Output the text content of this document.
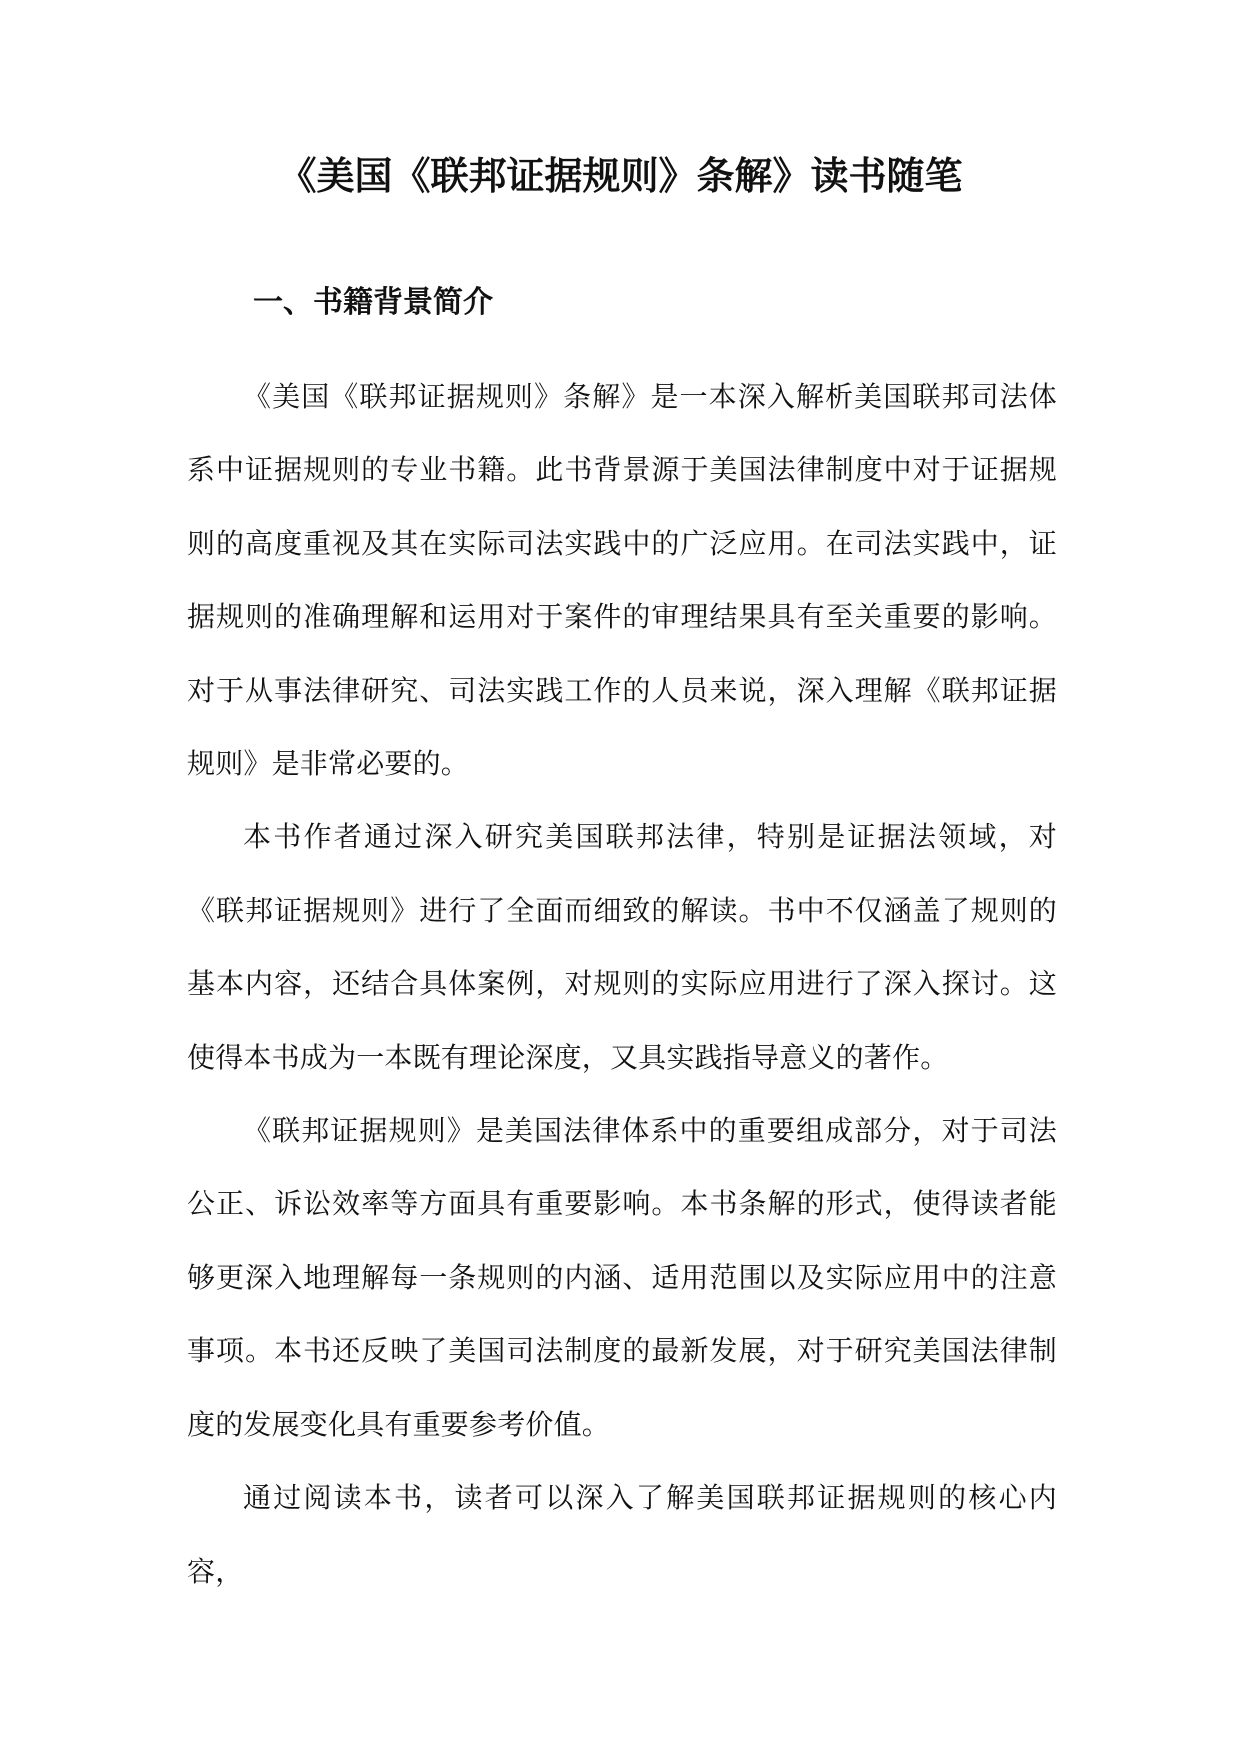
《美国《联邦证据规则》条解》读书随笔
一、书籍背景简介

《美国《联邦证据规则》条解》是一本深入解析美国联邦司法体系中证据规则的专业书籍。此书背景源于美国法律制度中对于证据规则的高度重视及其在实际司法实践中的广泛应用。在司法实践中，证据规则的准确理解和运用对于案件的审理结果具有至关重要的影响。对于从事法律研究、司法实践工作的人员来说，深入理解《联邦证据规则》是非常必要的。

本书作者通过深入研究美国联邦法律，特别是证据法领域，对《联邦证据规则》进行了全面而细致的解读。书中不仅涵盖了规则的基本内容，还结合具体案例，对规则的实际应用进行了深入探讨。这使得本书成为一本既有理论深度，又具实践指导意义的著作。

《联邦证据规则》是美国法律体系中的重要组成部分，对于司法公正、诉讼效率等方面具有重要影响。本书条解的形式，使得读者能够更深入地理解每一条规则的内涵、适用范围以及实际应用中的注意事项。本书还反映了美国司法制度的最新发展，对于研究美国法律制度的发展变化具有重要参考价值。

通过阅读本书，读者可以深入了解美国联邦证据规则的核心内容，
